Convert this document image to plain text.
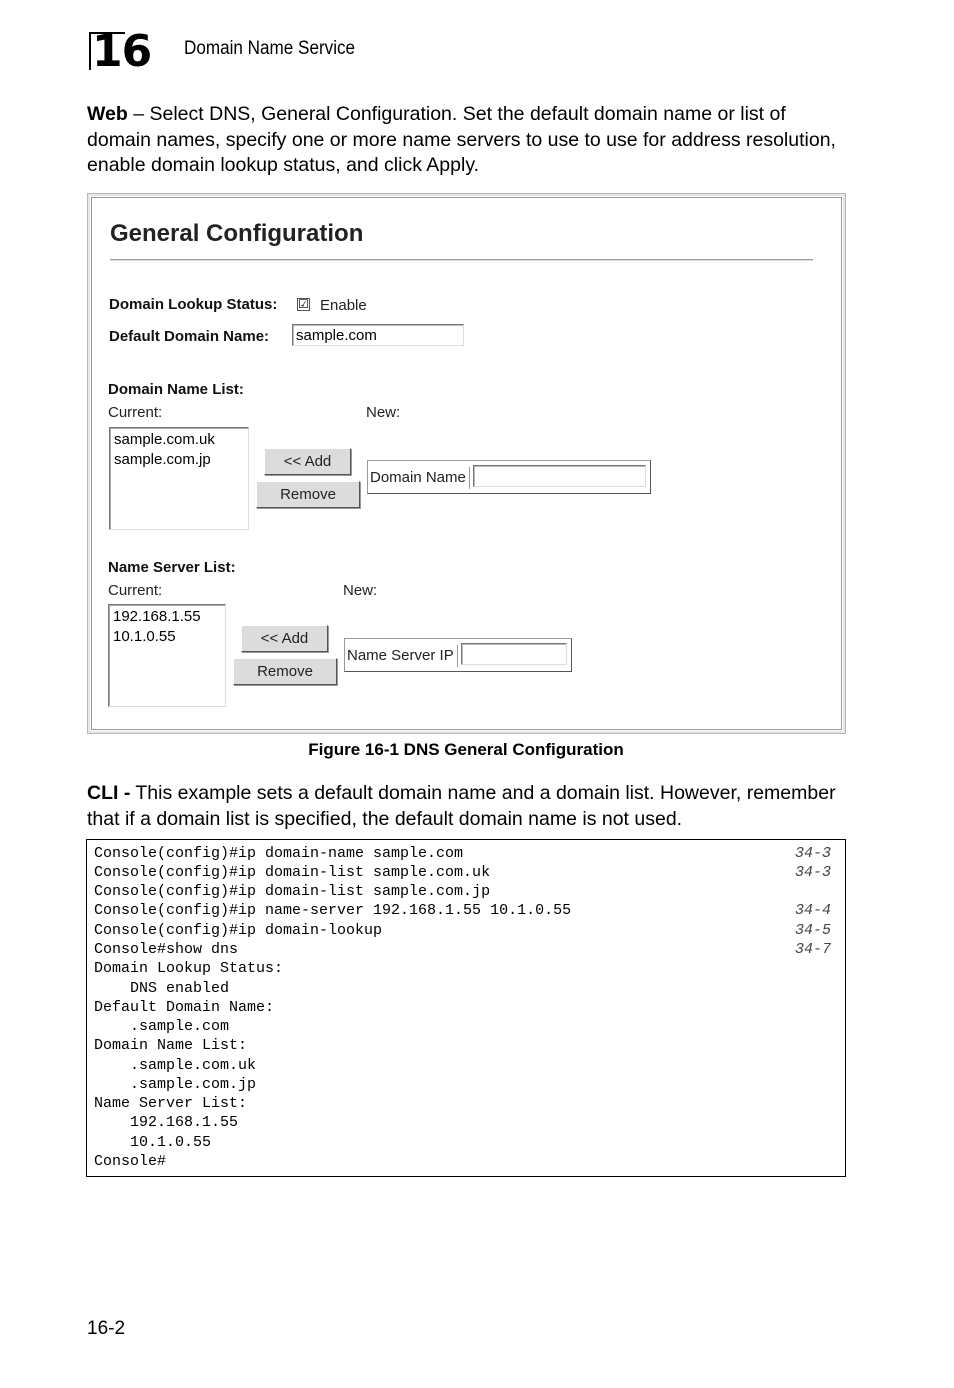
16 Domain Name Service
Web – Select DNS, General Configuration. Set the default domain name or list of domain names, specify one or more name servers to use to use for address resolution, enable domain lookup status, and click Apply.
General Configuration
Domain Lookup Status: ☑ Enable
Default Domain Name: sample.com
Domain Name List:
Current:	New:
sample.com.uk
sample.com.jp	<< Add
Remove
Domain Name
Name Server List:
Current:	New:
192.168.1.55
10.1.0.55	<< Add
Remove
Name Server IP
Figure 16-1 DNS General Configuration
CLI - This example sets a default domain name and a domain list. However, remember that if a domain list is specified, the default domain name is not used.
Console(config)#ip domain-name sample.com	34-3
Console(config)#ip domain-list sample.com.uk	34-3
Console(config)#ip domain-list sample.com.jp
Console(config)#ip name-server 192.168.1.55 10.1.0.55	34-4
Console(config)#ip domain-lookup	34-5
Console#show dns	34-7
Domain Lookup Status:
DNS enabled
Default Domain Name:
.sample.com
Domain Name List:
.sample.com.uk
.sample.com.jp
Name Server List:
192.168.1.55
10.1.0.55
Console#
16-2
